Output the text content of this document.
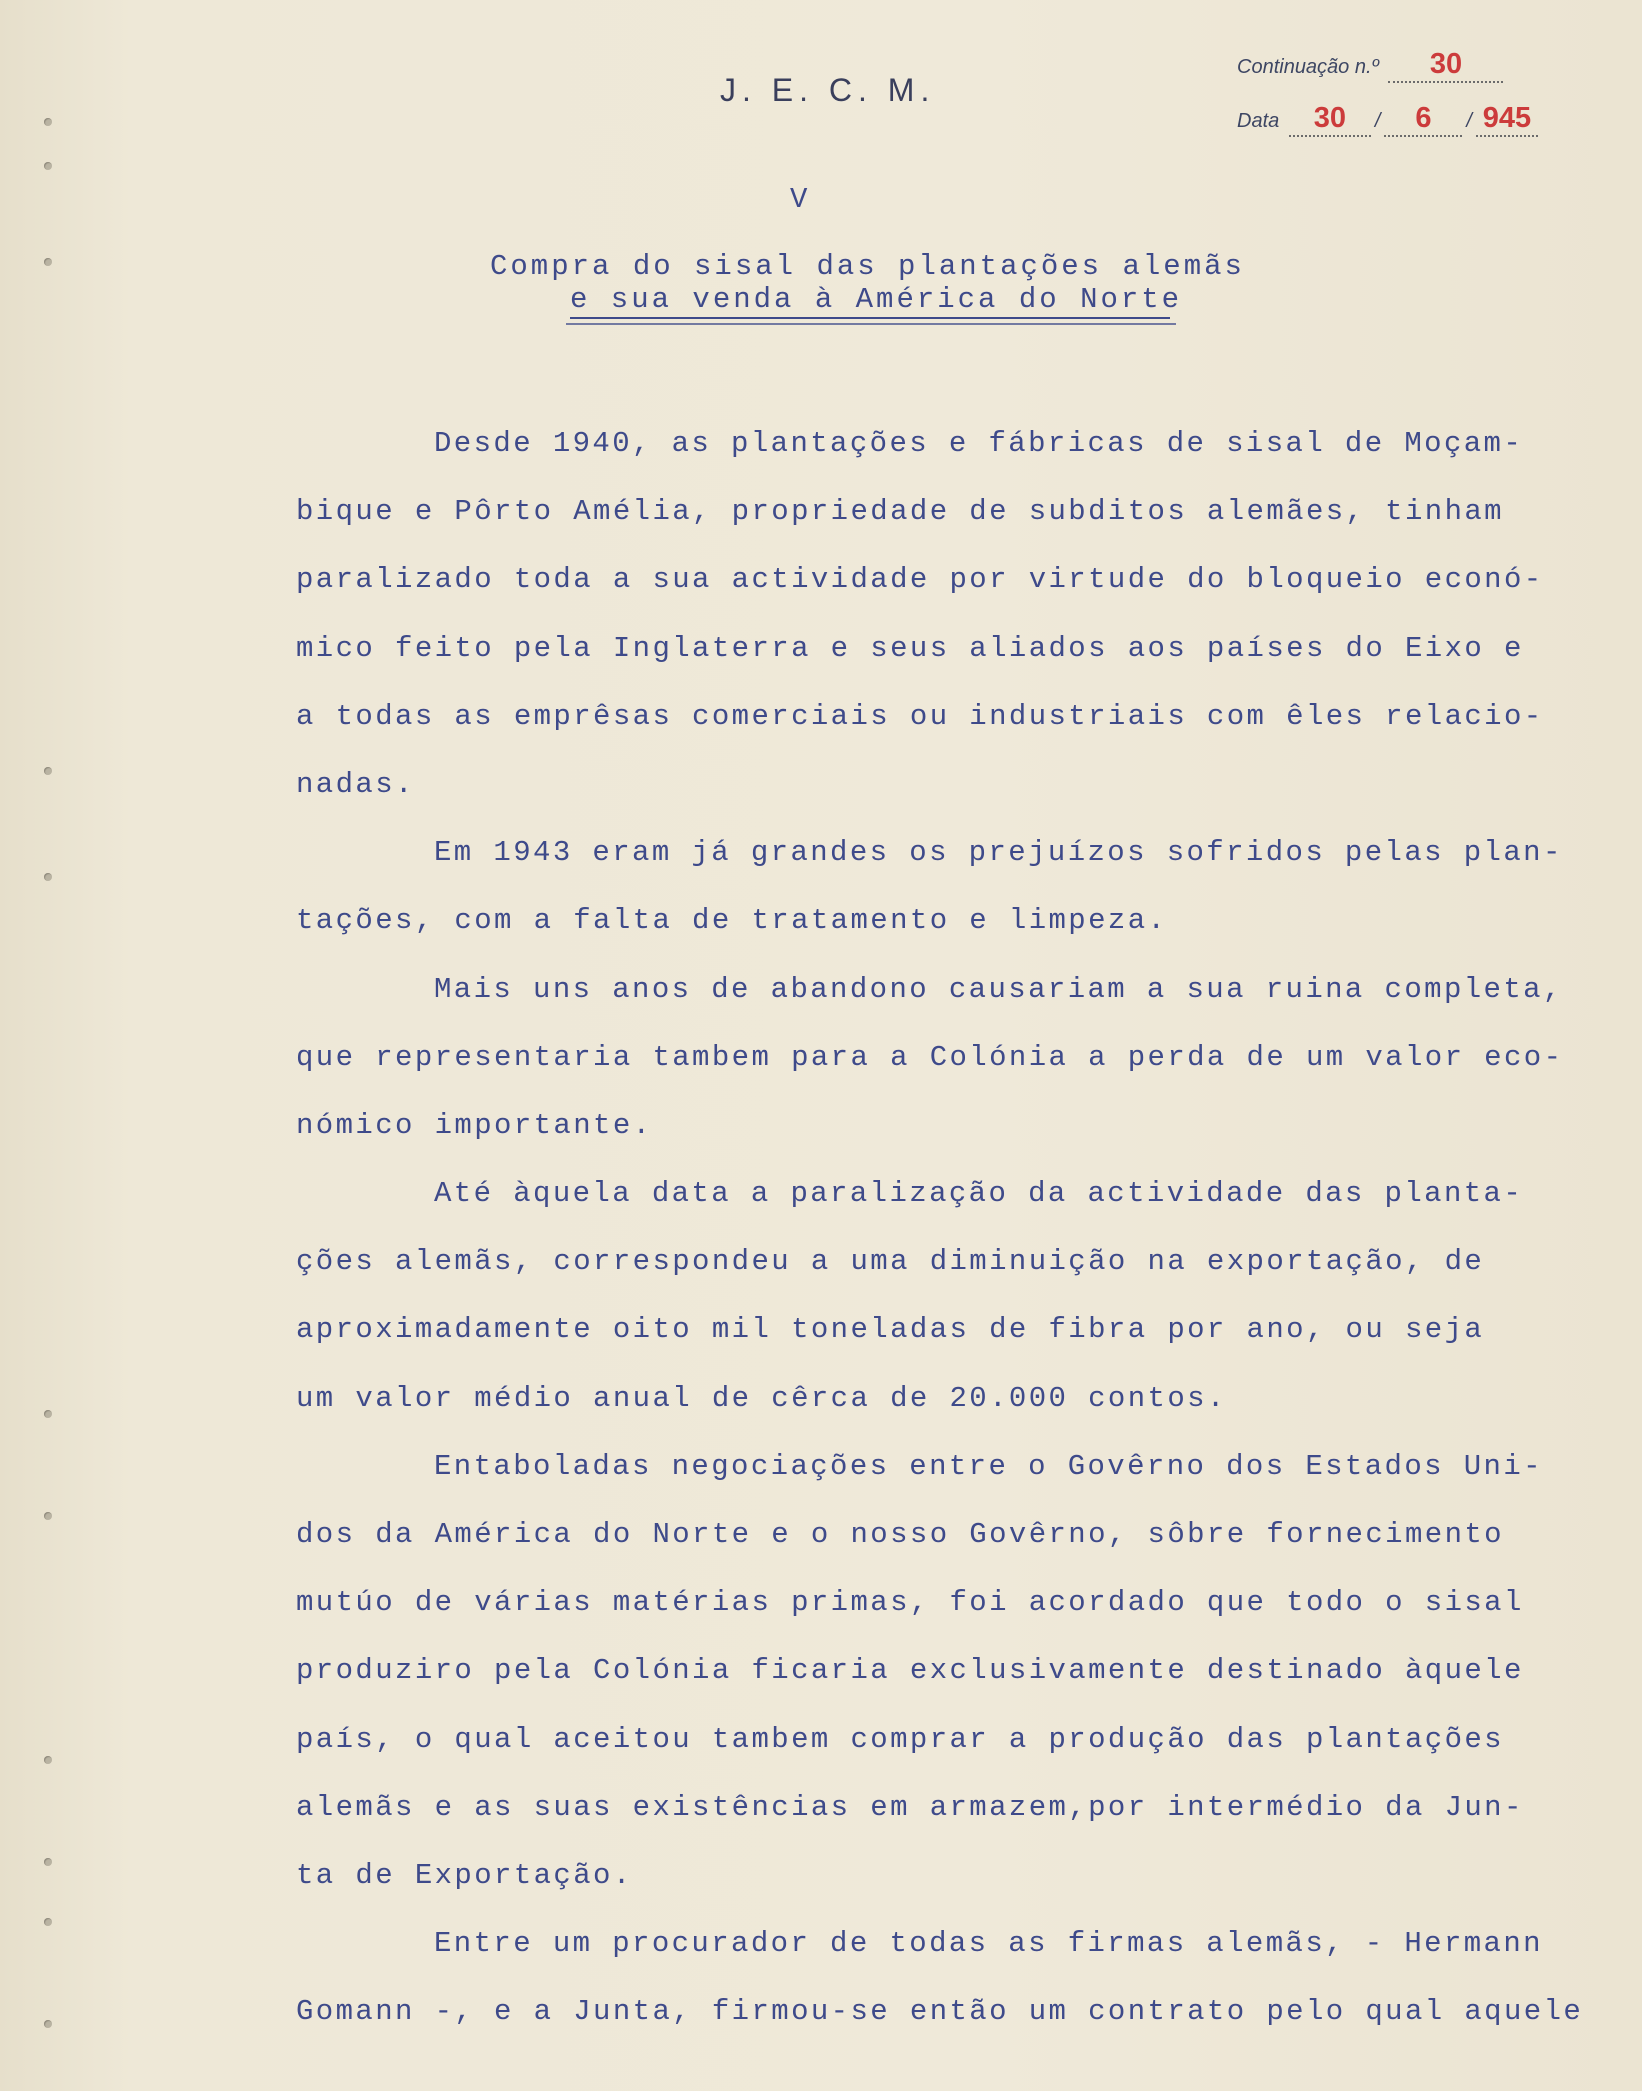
J. E. C. M.
Continuação n.º 30
Data 30 / 6 / 945
V
Compra do sisal das plantações alemãs
e sua venda à América do Norte
Desde 1940, as plantações e fábricas de sisal de Moçam-
bique e Pôrto Amélia, propriedade de subditos alemães, tinham
paralizado toda a sua actividade por virtude do bloqueio econó-
mico feito pela Inglaterra e seus aliados aos países do Eixo e
a todas as emprêsas comerciais ou industriais com êles relacio-
nadas.
Em 1943 eram já grandes os prejuízos sofridos pelas plan-
tações, com a falta de tratamento e limpeza.
Mais uns anos de abandono causariam a sua ruina completa,
que representaria tambem para a Colónia a perda de um valor eco-
nómico importante.
Até àquela data a paralização da actividade das planta-
ções alemãs, correspondeu a uma diminuição na exportação, de
aproximadamente oito mil toneladas de fibra por ano, ou seja
um valor médio anual de cêrca de 20.000 contos.
Entaboladas negociações entre o Govêrno dos Estados Uni-
dos da América do Norte e o nosso Govêrno, sôbre fornecimento
mutúo de várias matérias primas, foi acordado que todo o sisal
produziro pela Colónia ficaria exclusivamente destinado àquele
país, o qual aceitou tambem comprar a produção das plantações
alemãs e as suas existências em armazem,por intermédio da Jun-
ta de Exportação.
Entre um procurador de todas as firmas alemãs, - Hermann
Gomann -, e a Junta, firmou-se então um contrato pelo qual aquele
